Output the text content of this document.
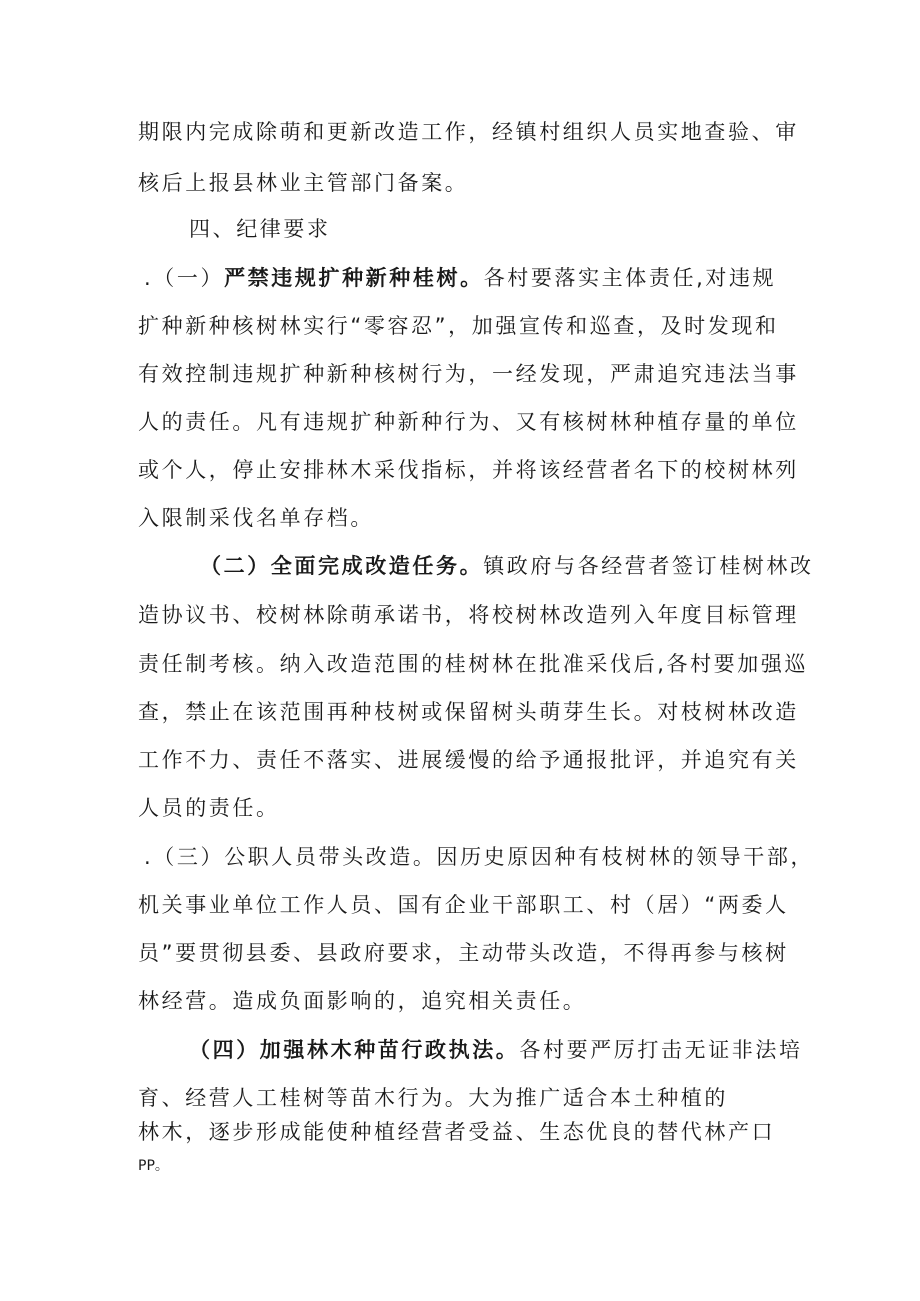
期限内完成除萌和更新改造工作，经镇村组织人员实地查验、审
核后上报县林业主管部门备案。
四、纪律要求
.（一）严禁违规扩种新种桂树。各村要落实主体责任,对违规
扩种新种核树林实行“零容忍”，加强宣传和巡查，及时发现和
有效控制违规扩种新种核树行为，一经发现，严肃追究违法当事
人的责任。凡有违规扩种新种行为、又有核树林种植存量的单位
或个人，停止安排林木采伐指标，并将该经营者名下的校树林列
入限制采伐名单存档。
（二）全面完成改造任务。镇政府与各经营者签订桂树林改
造协议书、校树林除萌承诺书，将校树林改造列入年度目标管理
责任制考核。纳入改造范围的桂树林在批准采伐后,各村要加强巡
查，禁止在该范围再种枝树或保留树头萌芽生长。对枝树林改造
工作不力、责任不落实、进展缓慢的给予通报批评，并追究有关
人员的责任。
.（三）公职人员带头改造。因历史原因种有枝树林的领导干部，
机关事业单位工作人员、国有企业干部职工、村（居）“两委人
员”要贯彻县委、县政府要求，主动带头改造，不得再参与核树
林经营。造成负面影响的，追究相关责任。
（四）加强林木种苗行政执法。各村要严厉打击无证非法培
育、经营人工桂树等苗木行为。大为推广适合本土种植的
林木，逐步形成能使种植经营者受益、生态优良的替代林产口
PP。
